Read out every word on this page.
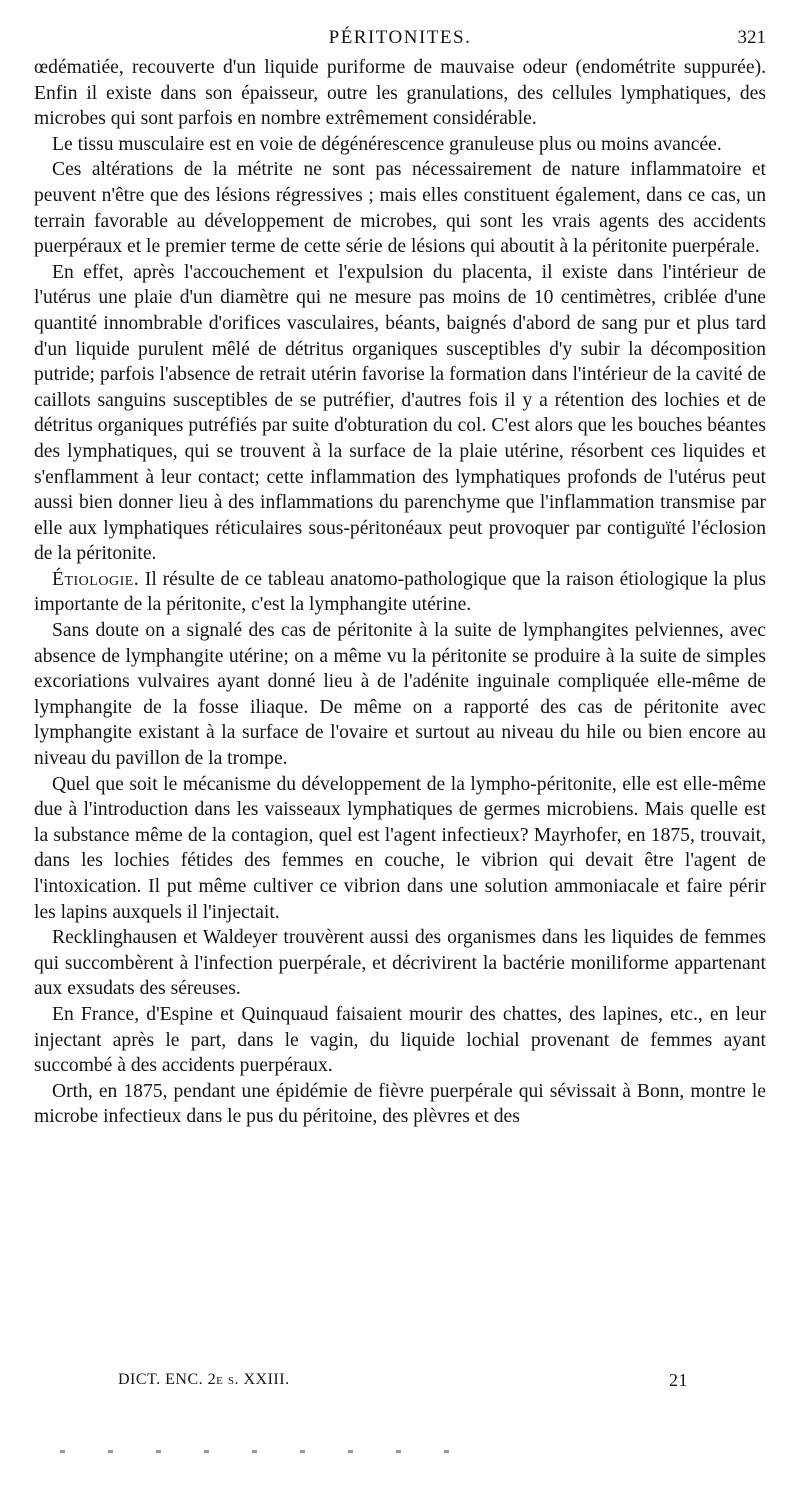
PÉRITONITES.	321

œdématiée, recouverte d'un liquide puriforme de mauvaise odeur (endométrite suppurée). Enfin il existe dans son épaisseur, outre les granulations, des cellules lymphatiques, des microbes qui sont parfois en nombre extrêmement considérable.

Le tissu musculaire est en voie de dégénérescence granuleuse plus ou moins avancée.

Ces altérations de la métrite ne sont pas nécessairement de nature inflammatoire et peuvent n'être que des lésions régressives ; mais elles constituent également, dans ce cas, un terrain favorable au développement de microbes, qui sont les vrais agents des accidents puerpéraux et le premier terme de cette série de lésions qui aboutit à la péritonite puerpérale.

En effet, après l'accouchement et l'expulsion du placenta, il existe dans l'intérieur de l'utérus une plaie d'un diamètre qui ne mesure pas moins de 10 centimètres, criblée d'une quantité innombrable d'orifices vasculaires, béants, baignés d'abord de sang pur et plus tard d'un liquide purulent mêlé de détritus organiques susceptibles d'y subir la décomposition putride; parfois l'absence de retrait utérin favorise la formation dans l'intérieur de la cavité de caillots sanguins susceptibles de se putréfier, d'autres fois il y a rétention des lochies et de détritus organiques putréfiés par suite d'obturation du col. C'est alors que les bouches béantes des lymphatiques, qui se trouvent à la surface de la plaie utérine, résorbent ces liquides et s'enflamment à leur contact; cette inflammation des lymphatiques profonds de l'utérus peut aussi bien donner lieu à des inflammations du parenchyme que l'inflammation transmise par elle aux lymphatiques réticulaires sous-péritonéaux peut provoquer par contiguïté l'éclosion de la péritonite.

Étiologie. Il résulte de ce tableau anatomo-pathologique que la raison étiologique la plus importante de la péritonite, c'est la lymphangite utérine.

Sans doute on a signalé des cas de péritonite à la suite de lymphangites pelviennes, avec absence de lymphangite utérine; on a même vu la péritonite se produire à la suite de simples excoriations vulvaires ayant donné lieu à de l'adénite inguinale compliquée elle-même de lymphangite de la fosse iliaque. De même on a rapporté des cas de péritonite avec lymphangite existant à la surface de l'ovaire et surtout au niveau du hile ou bien encore au niveau du pavillon de la trompe.

Quel que soit le mécanisme du développement de la lympho-péritonite, elle est elle-même due à l'introduction dans les vaisseaux lymphatiques de germes microbiens. Mais quelle est la substance même de la contagion, quel est l'agent infectieux? Mayrhofer, en 1875, trouvait, dans les lochies fétides des femmes en couche, le vibrion qui devait être l'agent de l'intoxication. Il put même cultiver ce vibrion dans une solution ammoniacale et faire périr les lapins auxquels il l'injectait.

Recklinghausen et Waldeyer trouvèrent aussi des organismes dans les liquides de femmes qui succombèrent à l'infection puerpérale, et décrivirent la bactérie moniliforme appartenant aux exsudats des séreuses.

En France, d'Espine et Quinquaud faisaient mourir des chattes, des lapines, etc., en leur injectant après le part, dans le vagin, du liquide lochial provenant de femmes ayant succombé à des accidents puerpéraux.

Orth, en 1875, pendant une épidémie de fièvre puerpérale qui sévissait à Bonn, montre le microbe infectieux dans le pus du péritoine, des plèvres et des

DICT. ENC. 2e s. XXIII.	21
